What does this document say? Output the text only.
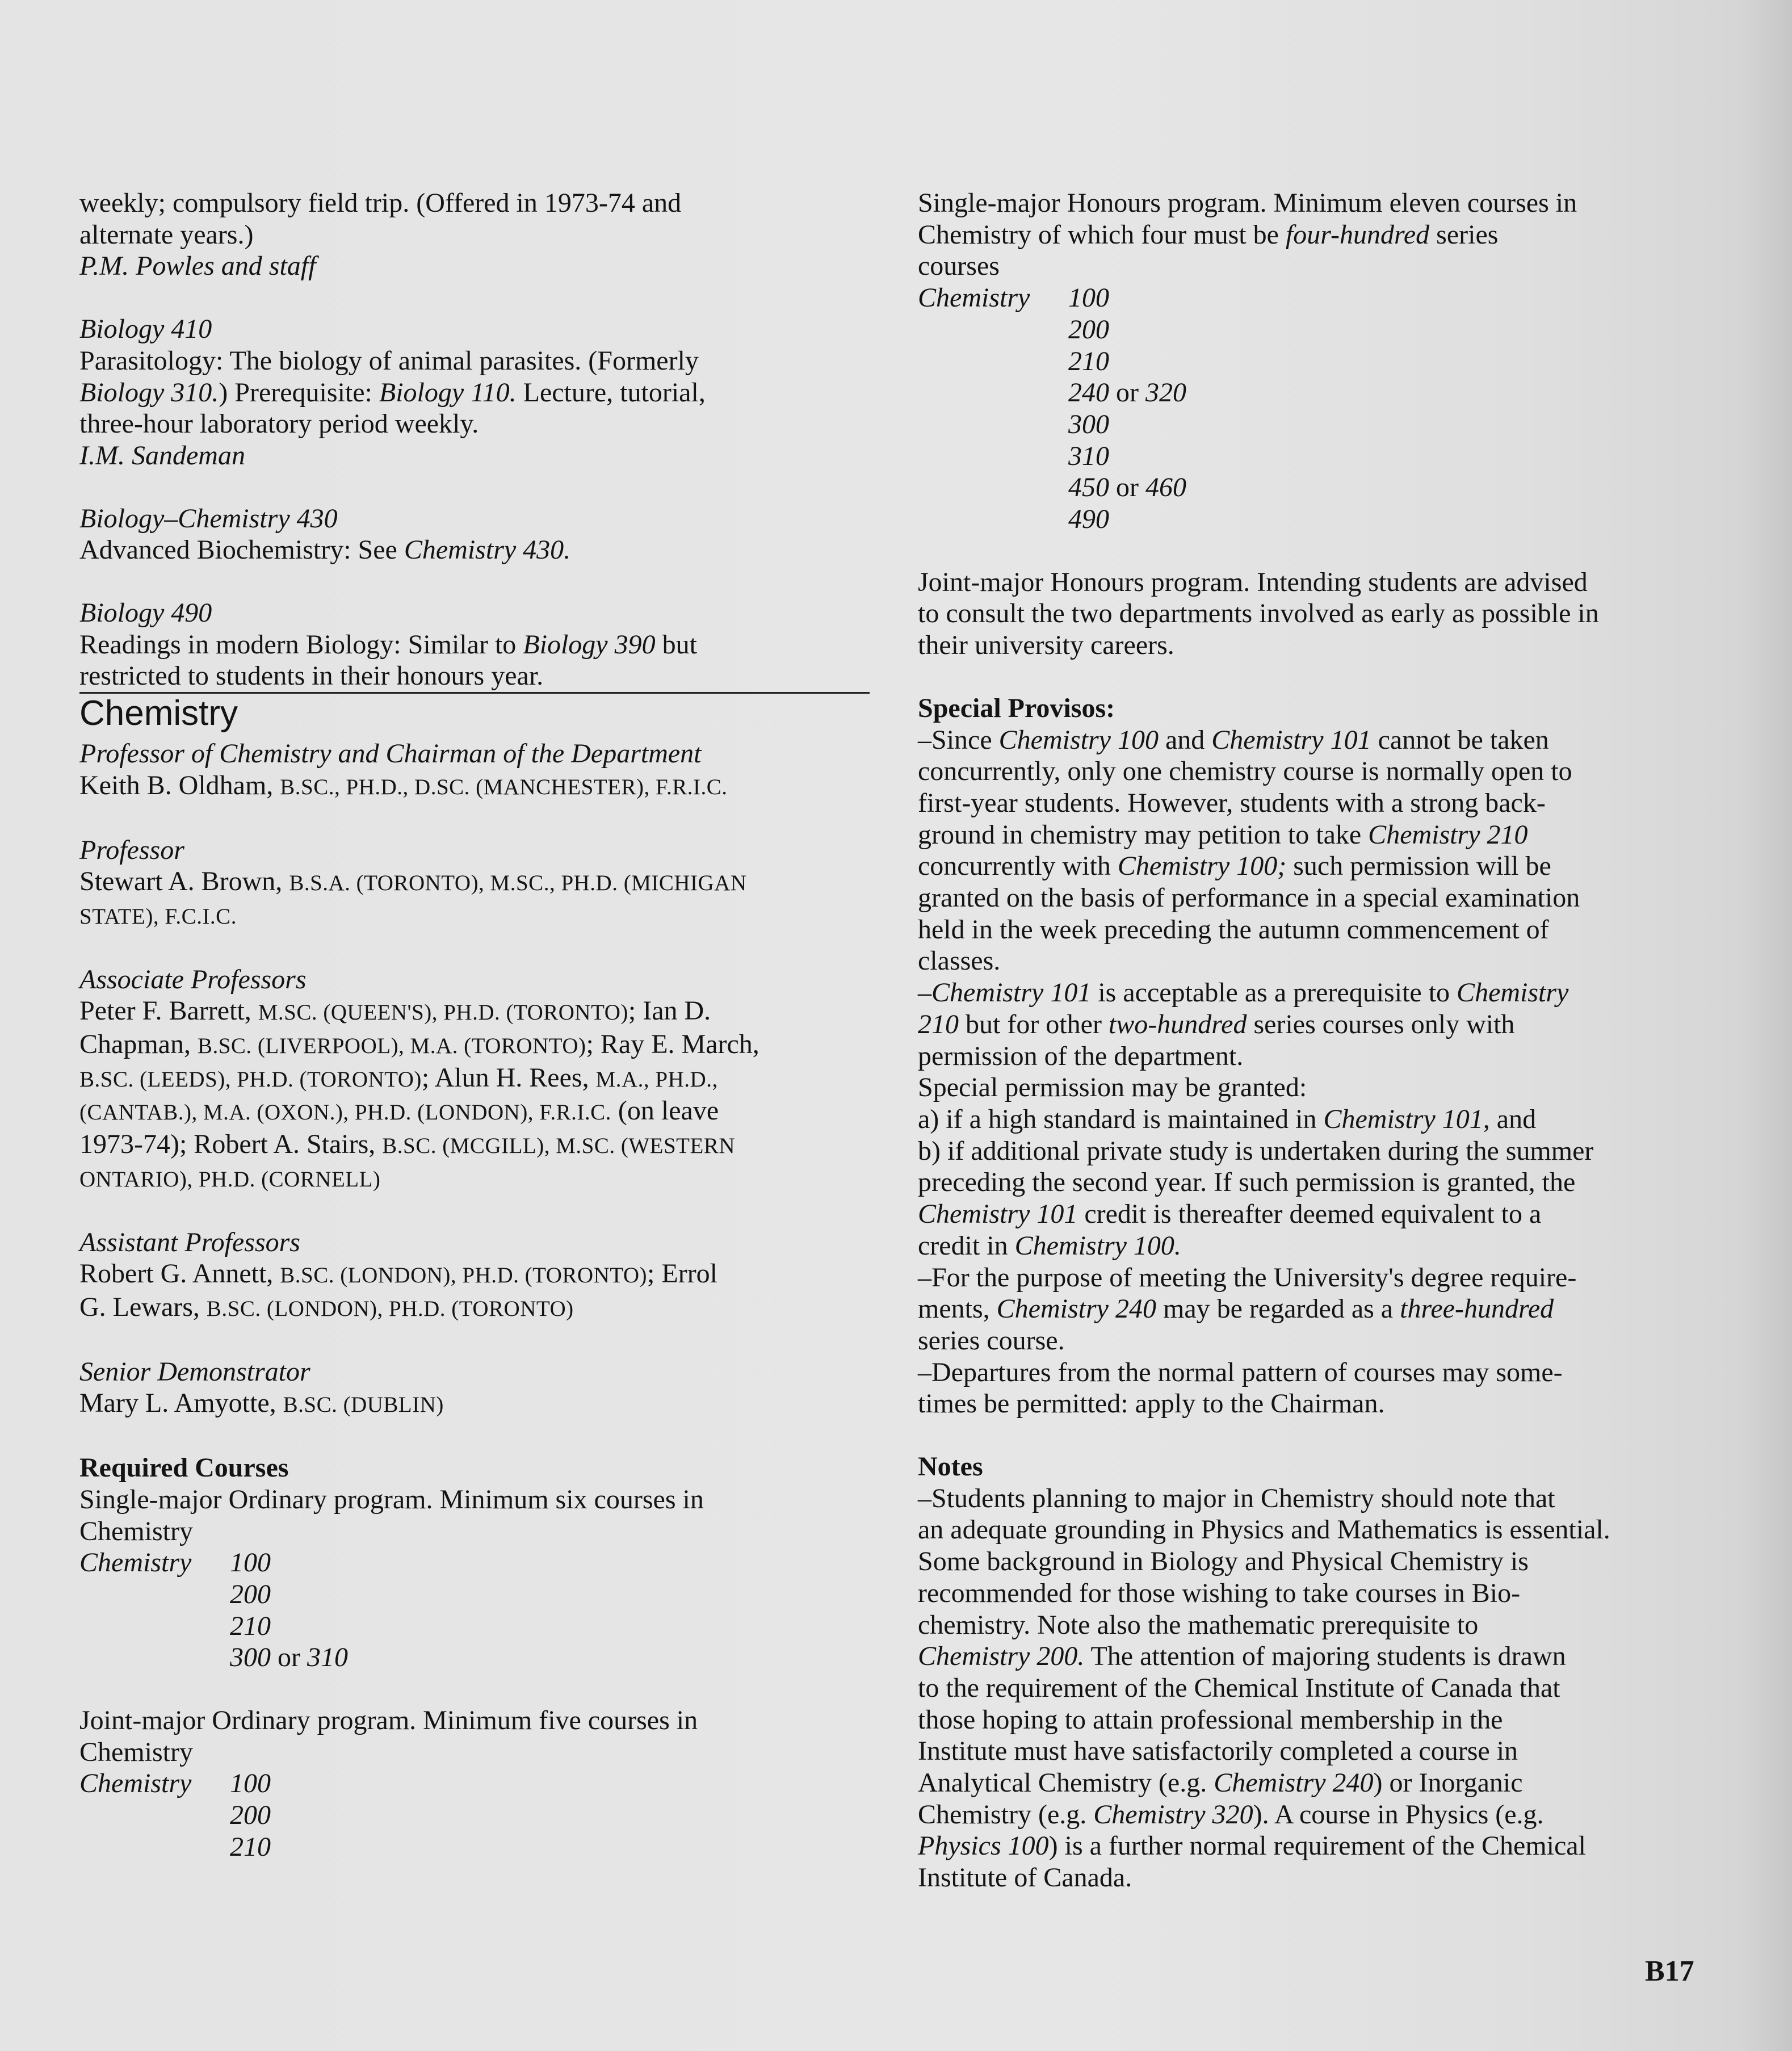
weekly; compulsory field trip. (Offered in 1973-74 and

alternate years.)

P.M. Powles and staff

Biology 410

Parasitology: The biology of animal parasites. (Formerly

Biology 310.) Prerequisite: Biology 110. Lecture, tutorial,

three-hour laboratory period weekly.

I.M. Sandeman

Biology–Chemistry 430

Advanced Biochemistry: See Chemistry 430.

Biology 490

Readings in modern Biology: Similar to Biology 390 but

restricted to students in their honours year.

Chemistry

Professor of Chemistry and Chairman of the Department

Keith B. Oldham, B.SC., PH.D., D.SC. (MANCHESTER), F.R.I.C.

Professor

Stewart A. Brown, B.S.A. (TORONTO), M.SC., PH.D. (MICHIGAN

STATE), F.C.I.C.

Associate Professors

Peter F. Barrett, M.SC. (QUEEN'S), PH.D. (TORONTO); Ian D.

Chapman, B.SC. (LIVERPOOL), M.A. (TORONTO); Ray E. March,

B.SC. (LEEDS), PH.D. (TORONTO); Alun H. Rees, M.A., PH.D.,

(CANTAB.), M.A. (OXON.), PH.D. (LONDON), F.R.I.C. (on leave

1973-74); Robert A. Stairs, B.SC. (MCGILL), M.SC. (WESTERN

ONTARIO), PH.D. (CORNELL)

Assistant Professors

Robert G. Annett, B.SC. (LONDON), PH.D. (TORONTO); Errol

G. Lewars, B.SC. (LONDON), PH.D. (TORONTO)

Senior Demonstrator

Mary L. Amyotte, B.SC. (DUBLIN)

Required Courses

Single-major Ordinary program. Minimum six courses in

Chemistry

Chemistry	100
200
210
300 or 310

Joint-major Ordinary program. Minimum five courses in

Chemistry

Chemistry	100
200
210

Single-major Honours program. Minimum eleven courses in

Chemistry of which four must be four-hundred series

courses

Chemistry	100
200
210
240 or 320
300
310
450 or 460
490

Joint-major Honours program. Intending students are advised

to consult the two departments involved as early as possible in

their university careers.

Special Provisos:

–Since Chemistry 100 and Chemistry 101 cannot be taken

concurrently, only one chemistry course is normally open to

first-year students. However, students with a strong back-

ground in chemistry may petition to take Chemistry 210

concurrently with Chemistry 100; such permission will be

granted on the basis of performance in a special examination

held in the week preceding the autumn commencement of

classes.

–Chemistry 101 is acceptable as a prerequisite to Chemistry

210 but for other two-hundred series courses only with

permission of the department.

Special permission may be granted:

a) if a high standard is maintained in Chemistry 101, and

b) if additional private study is undertaken during the summer

preceding the second year. If such permission is granted, the

Chemistry 101 credit is thereafter deemed equivalent to a

credit in Chemistry 100.

–For the purpose of meeting the University's degree require-

ments, Chemistry 240 may be regarded as a three-hundred

series course.

–Departures from the normal pattern of courses may some-

times be permitted: apply to the Chairman.

Notes

–Students planning to major in Chemistry should note that

an adequate grounding in Physics and Mathematics is essential.

Some background in Biology and Physical Chemistry is

recommended for those wishing to take courses in Bio-

chemistry. Note also the mathematic prerequisite to

Chemistry 200. The attention of majoring students is drawn

to the requirement of the Chemical Institute of Canada that

those hoping to attain professional membership in the

Institute must have satisfactorily completed a course in

Analytical Chemistry (e.g. Chemistry 240) or Inorganic

Chemistry (e.g. Chemistry 320). A course in Physics (e.g.

Physics 100) is a further normal requirement of the Chemical

Institute of Canada.

B17
